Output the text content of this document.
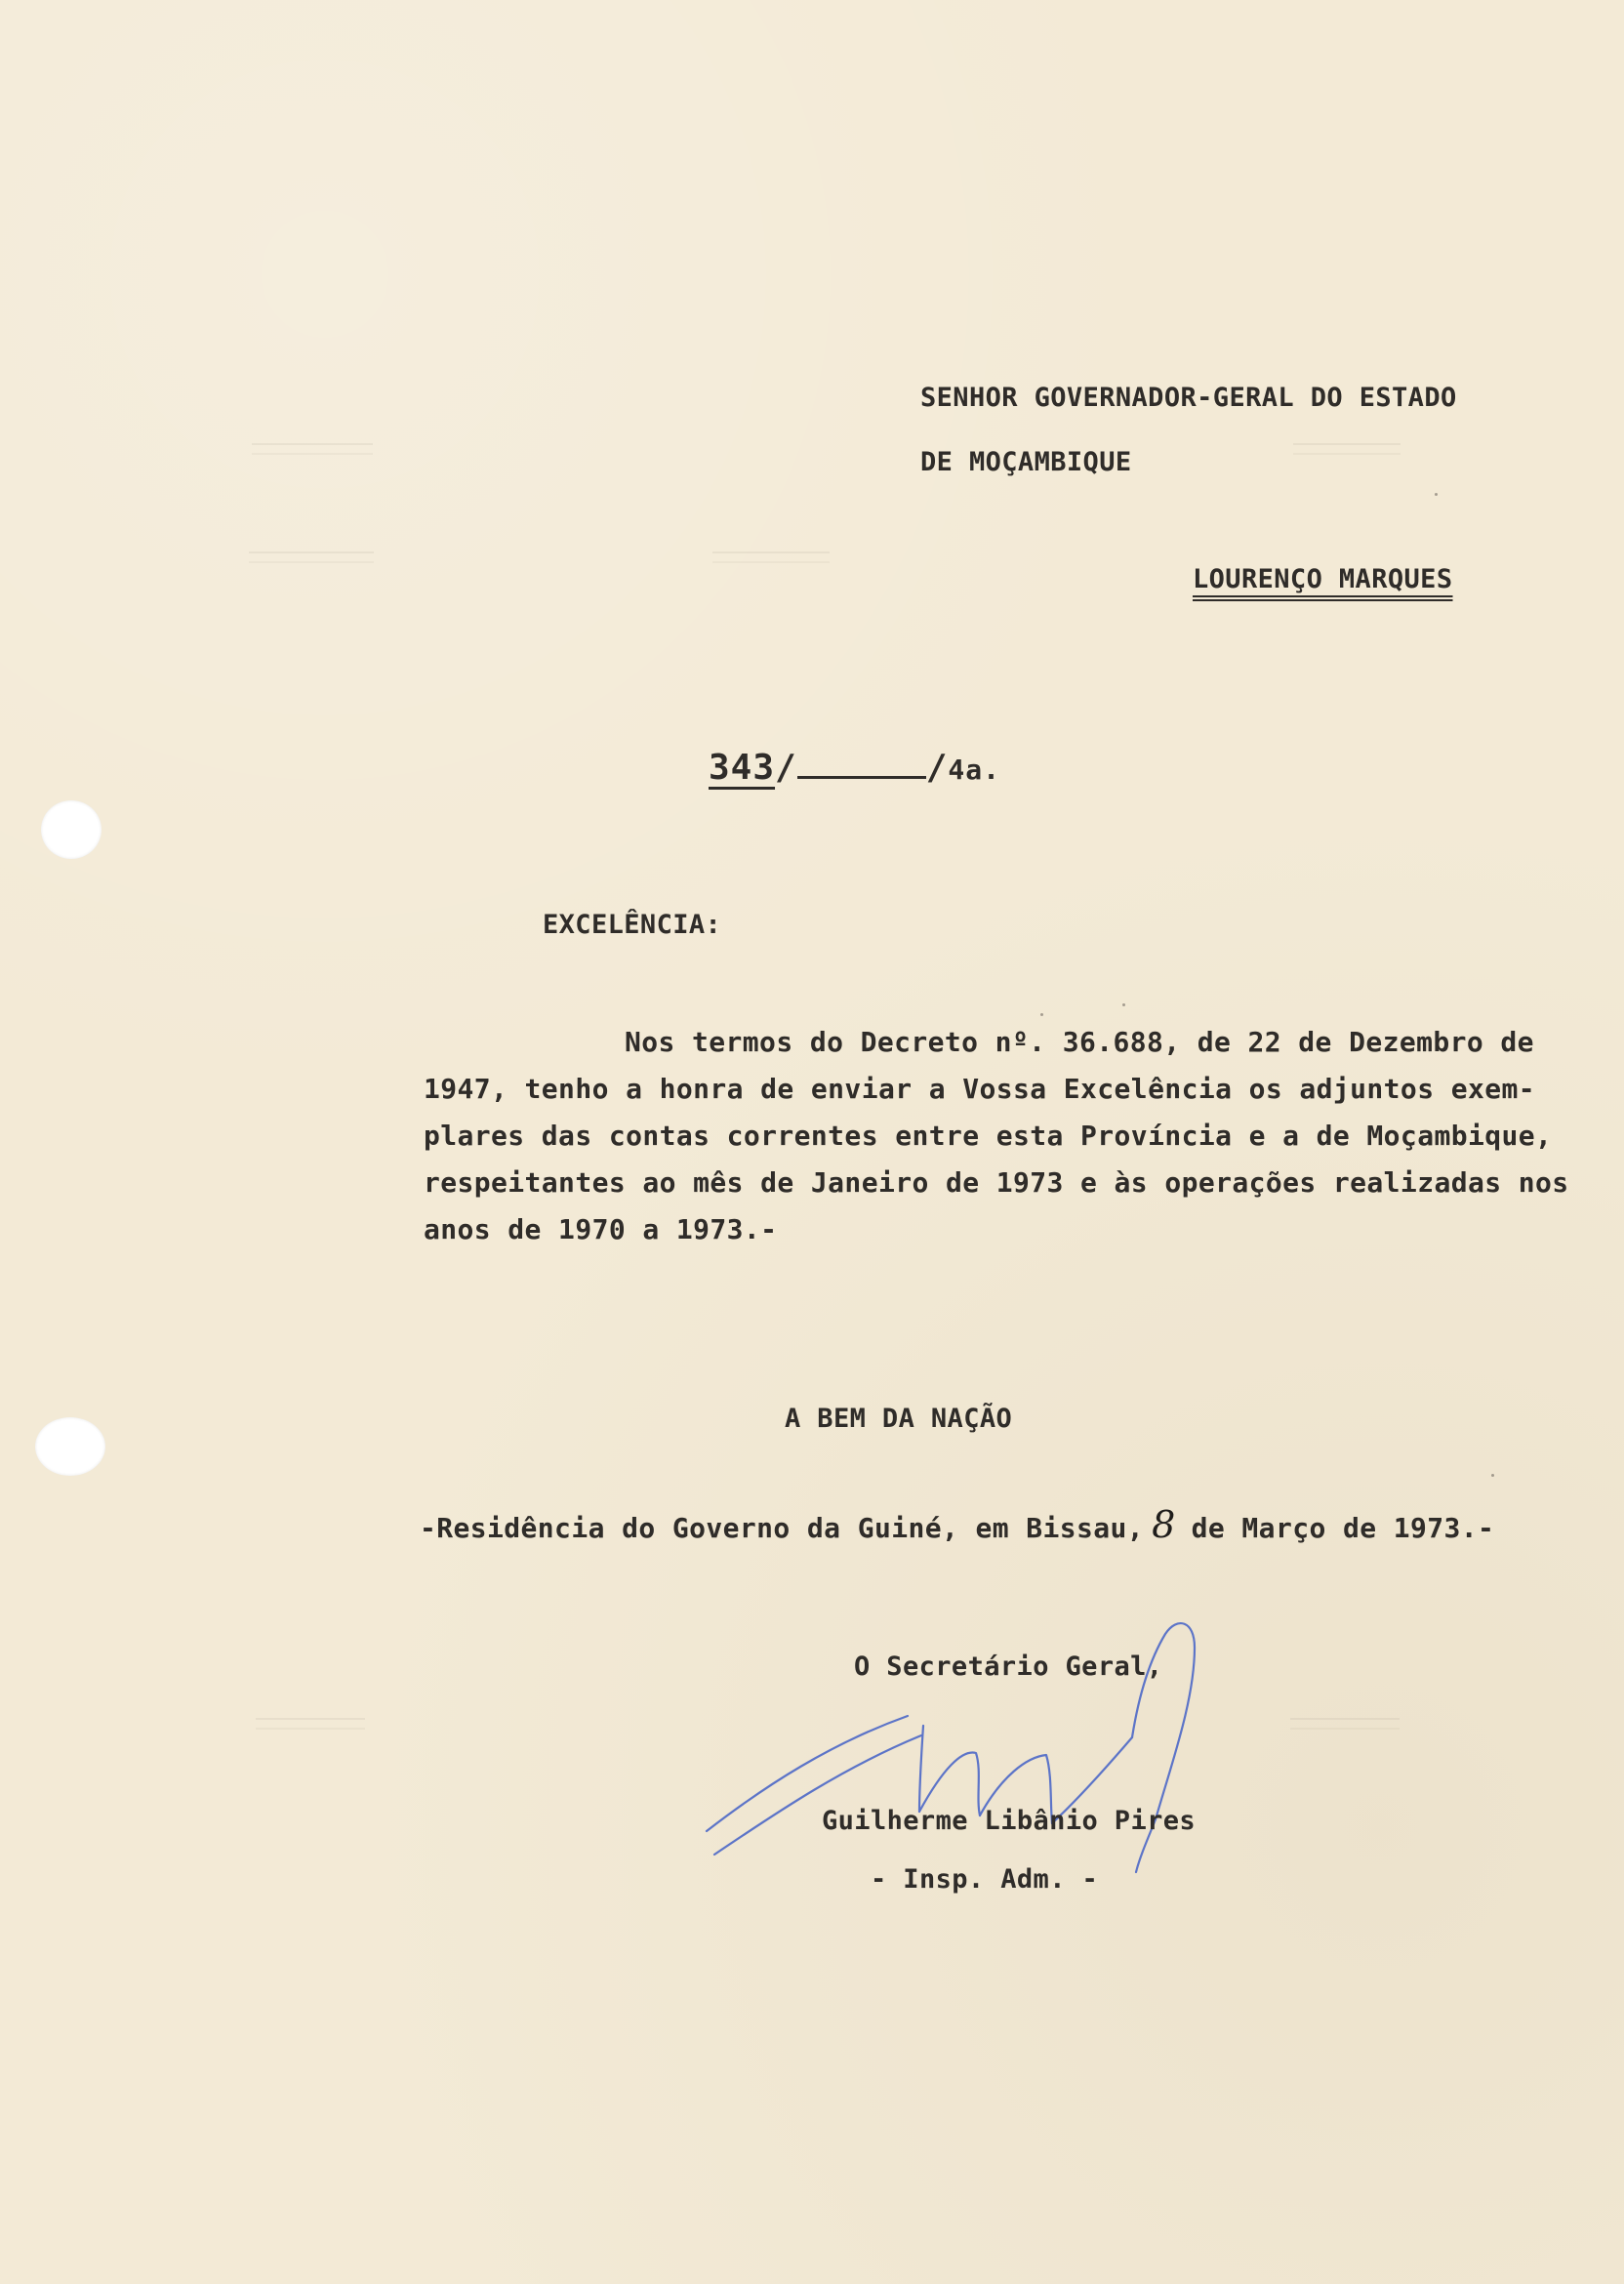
SENHOR GOVERNADOR-GERAL DO ESTADO
DE MOÇAMBIQUE
LOURENÇO MARQUES
343/	/4a.
EXCELÊNCIA:
Nos termos do Decreto nº. 36.688, de 22 de Dezembro de
1947, tenho a honra de enviar a Vossa Excelência os adjuntos exem-
plares das contas correntes entre esta Província e a de Moçambique,
respeitantes ao mês de Janeiro de 1973 e às operações realizadas nos
anos de 1970 a 1973.-
A BEM DA NAÇÃO
-Residência do Governo da Guiné, em Bissau, 8 de Março de 1973.-
O Secretário Geral,
Guilherme Libânio Pires
- Insp. Adm. -
